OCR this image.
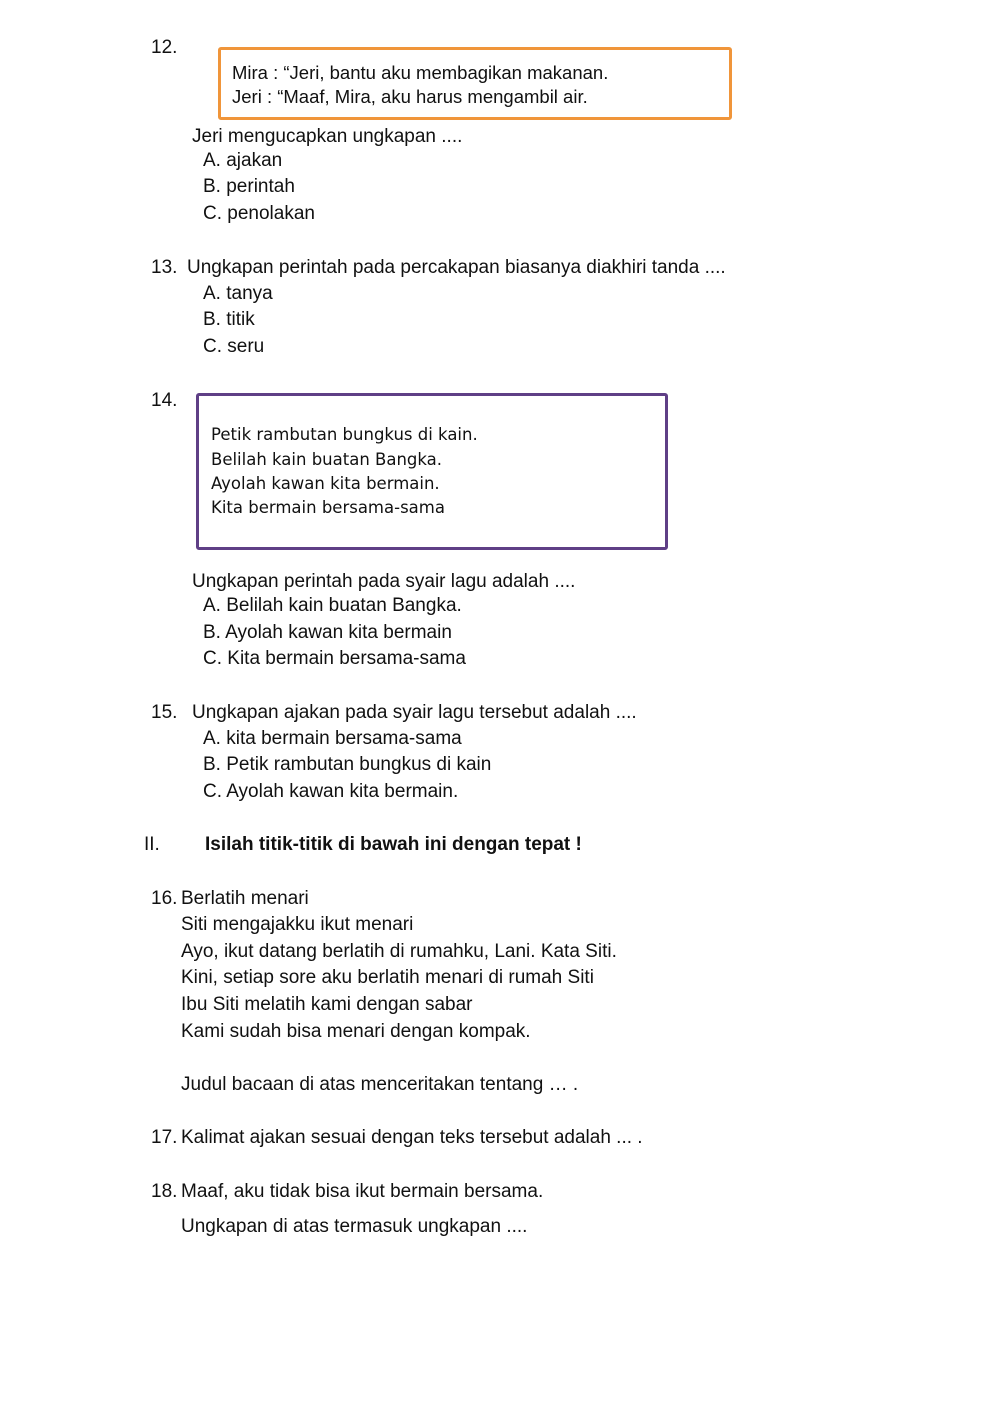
12.
Mira : “Jeri, bantu aku membagikan makanan.
Jeri : “Maaf, Mira, aku harus mengambil air.
Jeri mengucapkan ungkapan ....
A. ajakan
B. perintah
C. penolakan
13. Ungkapan perintah pada percakapan biasanya diakhiri tanda ....
A. tanya
B. titik
C. seru
14.
Petik rambutan bungkus di kain.
Belilah kain buatan Bangka.
Ayolah kawan kita bermain.
Kita bermain bersama-sama
Ungkapan perintah pada syair lagu adalah ....
A. Belilah kain buatan Bangka.
B. Ayolah kawan kita bermain
C. Kita bermain bersama-sama
15. Ungkapan ajakan pada syair lagu tersebut adalah ....
A. kita bermain bersama-sama
B. Petik rambutan bungkus di kain
C. Ayolah kawan kita bermain.
II. Isilah titik-titik di bawah ini dengan tepat !
16. Berlatih menari
Siti mengajakku ikut menari
Ayo, ikut datang berlatih di rumahku, Lani. Kata Siti.
Kini, setiap sore aku berlatih menari di rumah Siti
Ibu Siti melatih kami dengan sabar
Kami sudah bisa menari dengan kompak.
Judul bacaan di atas menceritakan tentang … .
17. Kalimat ajakan sesuai dengan teks tersebut adalah ... .
18. Maaf, aku tidak bisa ikut bermain bersama.
Ungkapan di atas termasuk ungkapan ....
